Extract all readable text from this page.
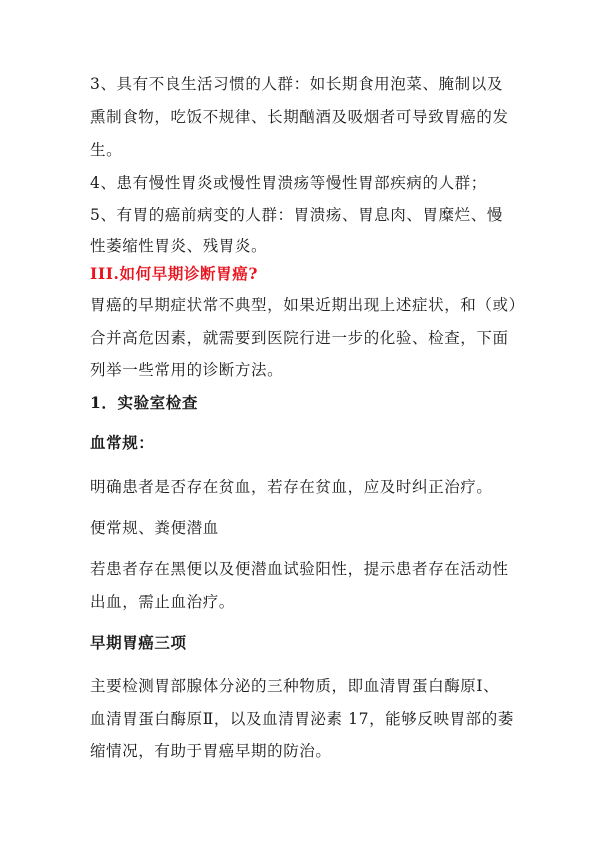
3、具有不良生活习惯的人群：如长期食用泡菜、腌制以及
熏制食物，吃饭不规律、长期酗酒及吸烟者可导致胃癌的发
生。
4、患有慢性胃炎或慢性胃溃疡等慢性胃部疾病的人群；
5、有胃的癌前病变的人群：胃溃疡、胃息肉、胃糜烂、慢
性萎缩性胃炎、残胃炎。
III.如何早期诊断胃癌?
胃癌的早期症状常不典型，如果近期出现上述症状，和（或）
合并高危因素，就需要到医院行进一步的化验、检查，下面
列举一些常用的诊断方法。
1．实验室检查
血常规：
明确患者是否存在贫血，若存在贫血，应及时纠正治疗。
便常规、粪便潜血
若患者存在黑便以及便潜血试验阳性，提示患者存在活动性
出血，需止血治疗。
早期胃癌三项
主要检测胃部腺体分泌的三种物质，即血清胃蛋白酶原Ⅰ、
血清胃蛋白酶原Ⅱ，以及血清胃泌素 17，能够反映胃部的萎
缩情况，有助于胃癌早期的防治。
